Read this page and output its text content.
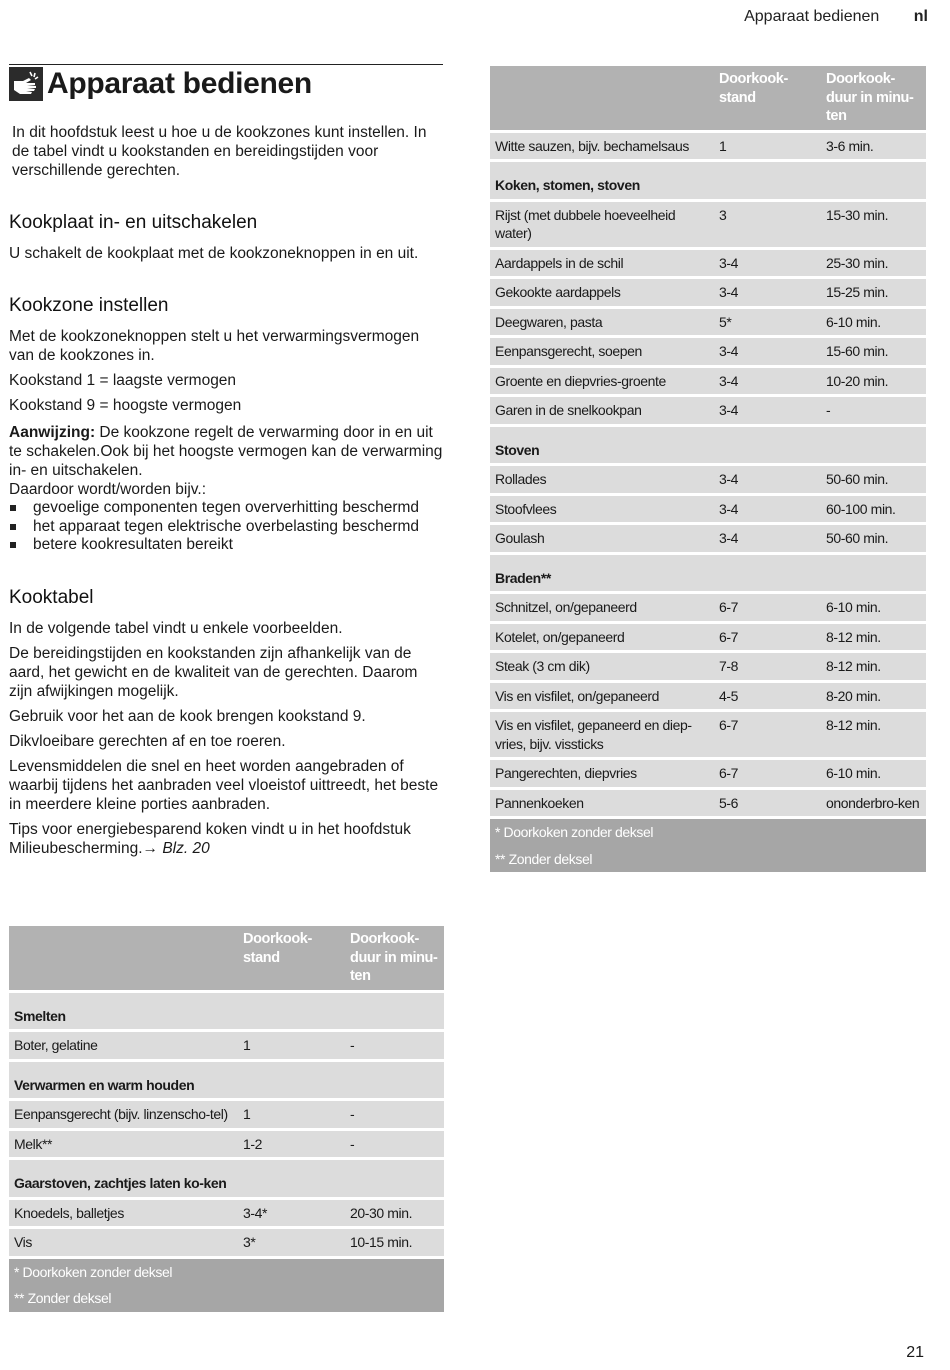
Apparaat bedienen nl
Apparaat bedienen

In dit hoofdstuk leest u hoe u de kookzones kunt instellen. In de tabel vindt u kookstanden en bereidingstijden voor verschillende gerechten.

Kookplaat in- en uitschakelen

U schakelt de kookplaat met de kookzoneknoppen in en uit.

Kookzone instellen

Met de kookzoneknoppen stelt u het verwarmingsvermogen van de kookzones in.

Kookstand 1 = laagste vermogen

Kookstand 9 = hoogste vermogen

Aanwijzing: De kookzone regelt de verwarming door in en uit te schakelen.Ook bij het hoogste vermogen kan de verwarming in- en uitschakelen.

Daardoor wordt/worden bijv.:

gevoelige componenten tegen oververhitting beschermd
het apparaat tegen elektrische overbelasting beschermd
betere kookresultaten bereikt
Kooktabel

In de volgende tabel vindt u enkele voorbeelden.

De bereidingstijden en kookstanden zijn afhankelijk van de aard, het gewicht en de kwaliteit van de gerechten. Daarom zijn afwijkingen mogelijk.

Gebruik voor het aan de kook brengen kookstand 9.

Dikvloeibare gerechten af en toe roeren.

Levensmiddelen die snel en heet worden aangebraden of waarbij tijdens het aanbraden veel vloeistof uittreedt, het beste in meerdere kleine porties aanbraden.

Tips voor energiebesparend koken vindt u in het hoofdstuk Milieubescherming.→ Blz. 20

	Doorkook-stand	Doorkook-duur in minu-ten
Smelten		
Boter, gelatine	1	-
Verwarmen en warm houden		
Eenpansgerecht (bijv. linzenscho-tel)	1	-
Melk**	1-2	-
Gaarstoven, zachtjes laten ko-ken		
Knoedels, balletjes	3-4*	20-30 min.
Vis	3*	10-15 min.
* Doorkoken zonder deksel		
** Zonder deksel		
	Doorkook-stand	Doorkook-duur in minu-ten
Witte sauzen, bijv. bechamelsaus	1	3-6 min.
Koken, stomen, stoven		
Rijst (met dubbele hoeveelheid water)	3	15-30 min.
Aardappels in de schil	3-4	25-30 min.
Gekookte aardappels	3-4	15-25 min.
Deegwaren, pasta	5*	6-10 min.
Eenpansgerecht, soepen	3-4	15-60 min.
Groente en diepvries-groente	3-4	10-20 min.
Garen in de snelkookpan	3-4	-
Stoven		
Rollades	3-4	50-60 min.
Stoofvlees	3-4	60-100 min.
Goulash	3-4	50-60 min.
Braden**		
Schnitzel, on/gepaneerd	6-7	6-10 min.
Kotelet, on/gepaneerd	6-7	8-12 min.
Steak (3 cm dik)	7-8	8-12 min.
Vis en visfilet, on/gepaneerd	4-5	8-20 min.
Vis en visfilet, gepaneerd en diep-vries, bijv. vissticks	6-7	8-12 min.
Pangerechten, diepvries	6-7	6-10 min.
Pannenkoeken	5-6	ononderbro-ken
* Doorkoken zonder deksel		
** Zonder deksel		
21
